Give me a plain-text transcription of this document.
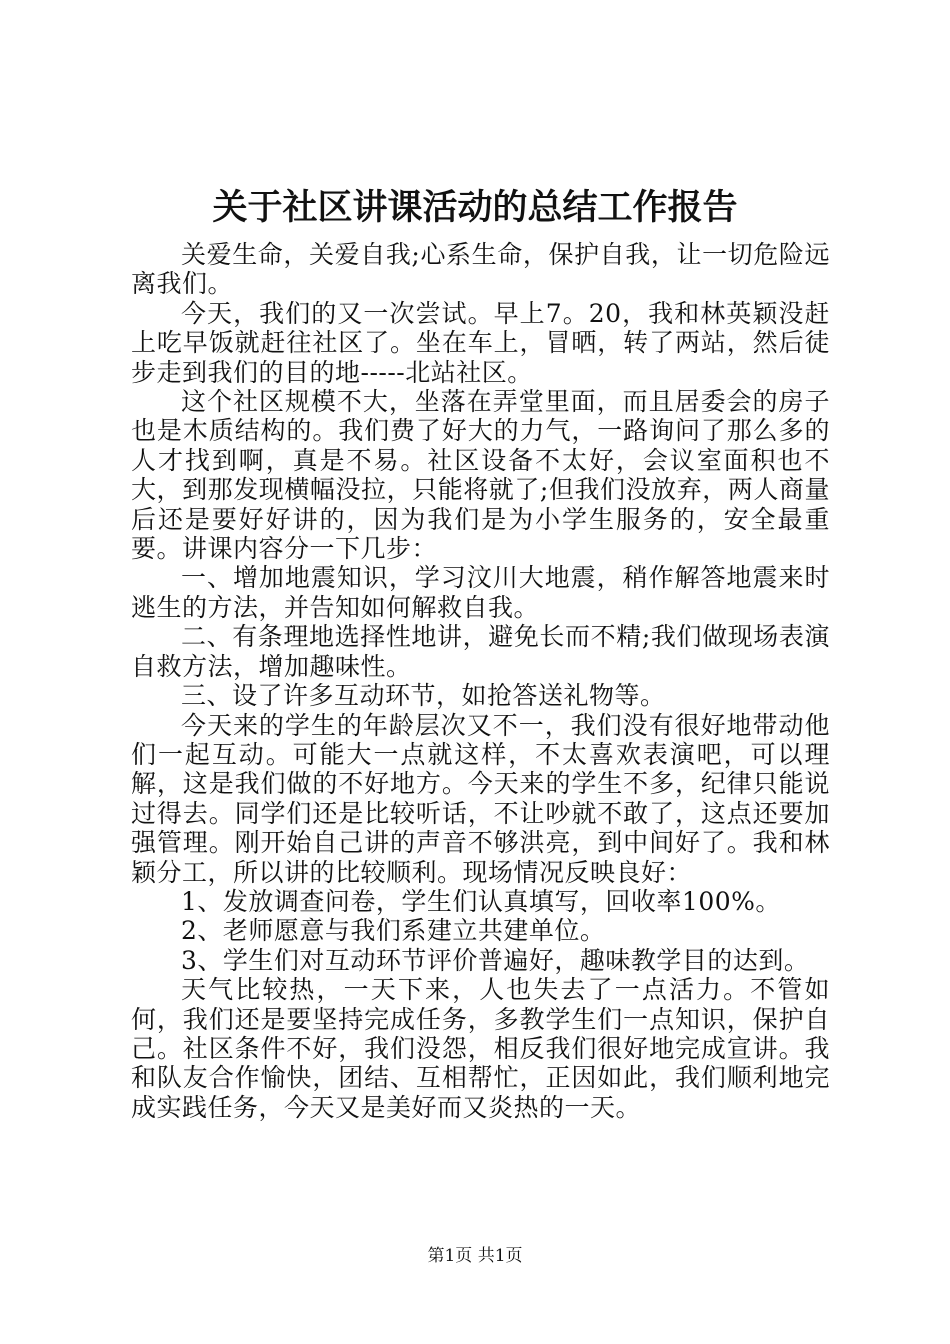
关于社区讲课活动的总结工作报告

关爱生命，关爱自我;心系生命，保护自我，让一切危险远离我们。

今天，我们的又一次尝试。早上7。20，我和林英颖没赶上吃早饭就赶往社区了。坐在车上，冒晒，转了两站，然后徒步走到我们的目的地-----北站社区。

这个社区规模不大，坐落在弄堂里面，而且居委会的房子也是木质结构的。我们费了好大的力气，一路询问了那么多的人才找到啊，真是不易。社区设备不太好，会议室面积也不大，到那发现横幅没拉，只能将就了;但我们没放弃，两人商量后还是要好好讲的，因为我们是为小学生服务的，安全最重要。讲课内容分一下几步：

一、增加地震知识，学习汶川大地震，稍作解答地震来时逃生的方法，并告知如何解救自我。

二、有条理地选择性地讲，避免长而不精;我们做现场表演自救方法，增加趣味性。

三、设了许多互动环节，如抢答送礼物等。

今天来的学生的年龄层次又不一，我们没有很好地带动他们一起互动。可能大一点就这样，不太喜欢表演吧，可以理解，这是我们做的不好地方。今天来的学生不多，纪律只能说过得去。同学们还是比较听话，不让吵就不敢了，这点还要加强管理。刚开始自己讲的声音不够洪亮，到中间好了。我和林颖分工，所以讲的比较顺利。现场情况反映良好：

1、发放调查问卷，学生们认真填写，回收率100%。

2、老师愿意与我们系建立共建单位。

3、学生们对互动环节评价普遍好，趣味教学目的达到。

天气比较热，一天下来，人也失去了一点活力。不管如何，我们还是要坚持完成任务，多教学生们一点知识，保护自己。社区条件不好，我们没怨，相反我们很好地完成宣讲。我和队友合作愉快，团结、互相帮忙，正因如此，我们顺利地完成实践任务，今天又是美好而又炎热的一天。

第1页 共1页
